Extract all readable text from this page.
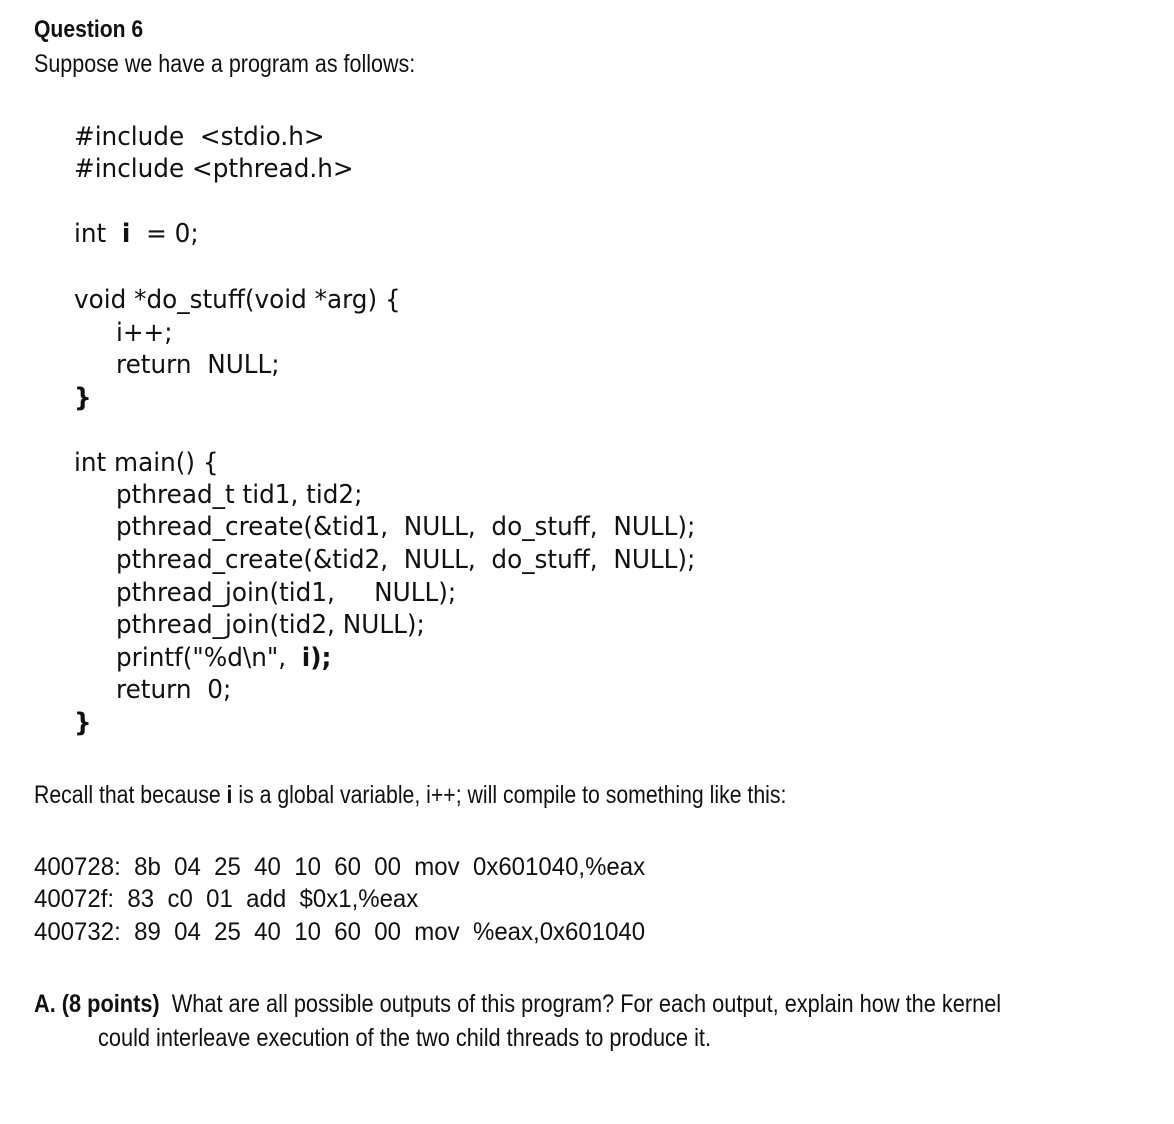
Question 6
Suppose we have a program as follows:
#include  <stdio.h>
#include <pthread.h>
int i = 0;
void *do_stuff(void *arg) {
i++;
return  NULL;
}
int main() {
pthread_t tid1, tid2;
pthread_create(&tid1,  NULL,  do_stuff,  NULL);
pthread_create(&tid2,  NULL,  do_stuff,  NULL);
pthread_join(tid1,     NULL);
pthread_join(tid2, NULL);
printf("%d\n",  i);
return  0;
}
Recall that because i is a global variable, i++; will compile to something like this:
400728:  8b  04  25  40  10  60  00  mov  0x601040,%eax
40072f:  83  c0  01  add  $0x1,%eax
400732:  89  04  25  40  10  60  00  mov  %eax,0x601040
A. (8 points)  What are all possible outputs of this program? For each output, explain how the kernel
could interleave execution of the two child threads to produce it.
